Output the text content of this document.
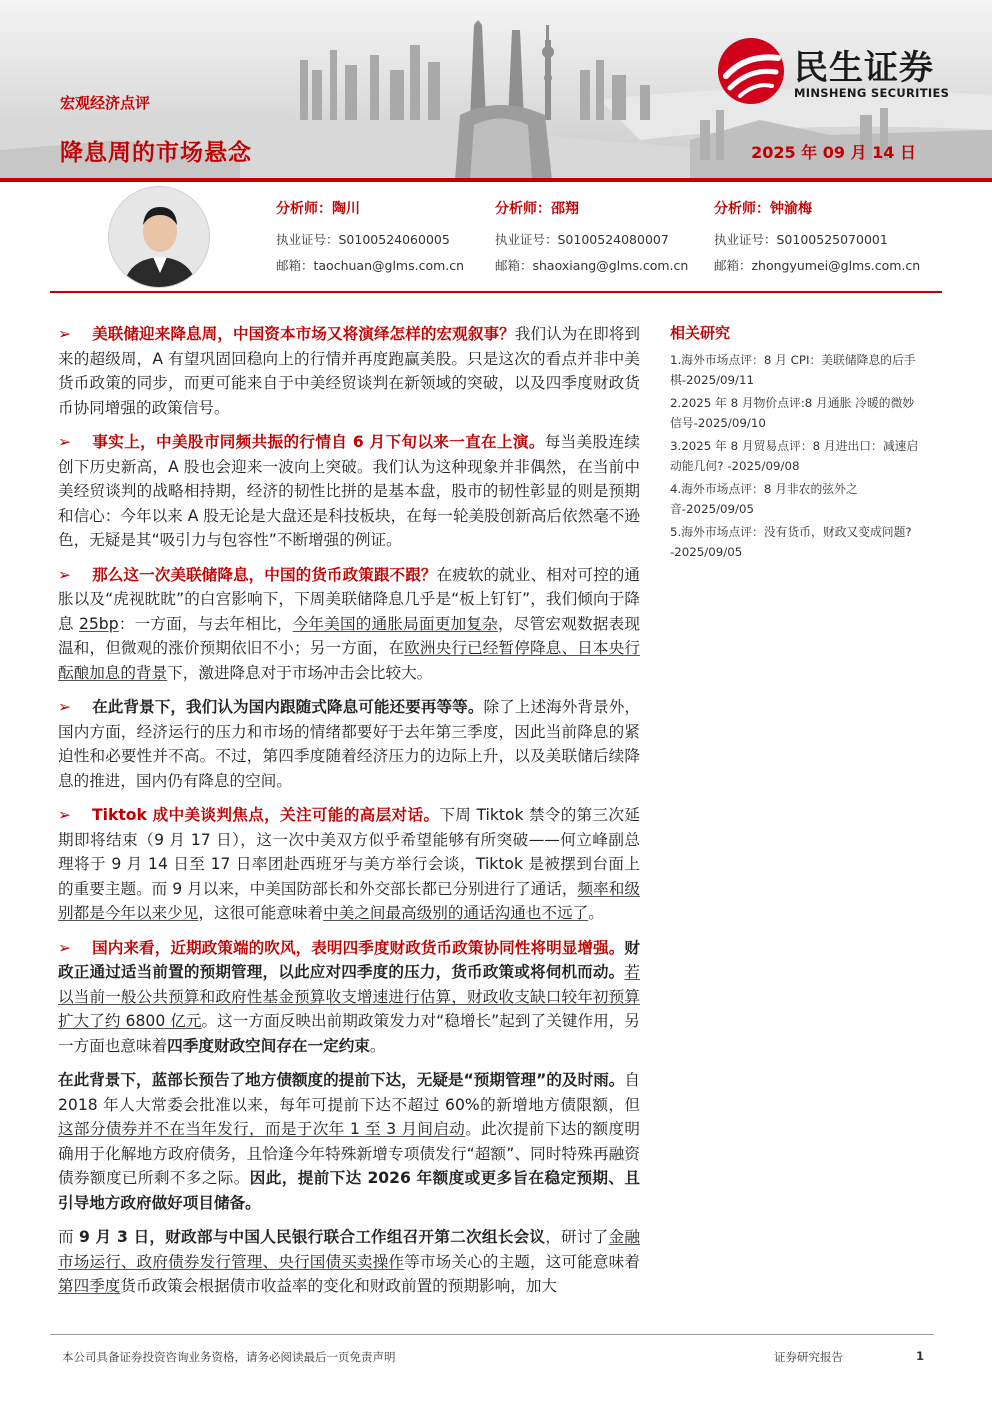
宏观经济点评
降息周的市场悬念	2025 年 09 月 14 日
民生证券
MINSHENG SECURITIES
分析师：陶川
执业证号：S0100524060005
邮箱：taochuan@glms.com.cn
分析师：邵翔
执业证号：S0100524080007
邮箱：shaoxiang@glms.com.cn
分析师：钟渝梅
执业证号：S0100525070001
邮箱：zhongyumei@glms.com.cn

➢ 美联储迎来降息周，中国资本市场又将演绎怎样的宏观叙事？我们认为在即将到来的超级周，A 有望巩固回稳向上的行情并再度跑赢美股。只是这次的看点并非中美货币政策的同步，而更可能来自于中美经贸谈判在新领域的突破，以及四季度财政货币协同增强的政策信号。

➢ 事实上，中美股市同频共振的行情自 6 月下旬以来一直在上演。每当美股连续创下历史新高，A 股也会迎来一波向上突破。我们认为这种现象并非偶然，在当前中美经贸谈判的战略相持期，经济的韧性比拼的是基本盘，股市的韧性彰显的则是预期和信心：今年以来 A 股无论是大盘还是科技板块，在每一轮美股创新高后依然毫不逊色，无疑是其“吸引力与包容性”不断增强的例证。

➢ 那么这一次美联储降息，中国的货币政策跟不跟？在疲软的就业、相对可控的通胀以及“虎视眈眈”的白宫影响下，下周美联储降息几乎是“板上钉钉”，我们倾向于降息 25bp：一方面，与去年相比，今年美国的通胀局面更加复杂，尽管宏观数据表现温和，但微观的涨价预期依旧不小；另一方面，在欧洲央行已经暂停降息、日本央行酝酿加息的背景下，激进降息对于市场冲击会比较大。

➢ 在此背景下，我们认为国内跟随式降息可能还要再等等。除了上述海外背景外，国内方面，经济运行的压力和市场的情绪都要好于去年第三季度，因此当前降息的紧迫性和必要性并不高。不过，第四季度随着经济压力的边际上升，以及美联储后续降息的推进，国内仍有降息的空间。

➢ Tiktok 成中美谈判焦点，关注可能的高层对话。下周 Tiktok 禁令的第三次延期即将结束（9 月 17 日），这一次中美双方似乎希望能够有所突破——何立峰副总理将于 9 月 14 日至 17 日率团赴西班牙与美方举行会谈，Tiktok 是被摆到台面上的重要主题。而 9 月以来，中美国防部长和外交部长都已分别进行了通话，频率和级别都是今年以来少见，这很可能意味着中美之间最高级别的通话沟通也不远了。

➢ 国内来看，近期政策端的吹风，表明四季度财政货币政策协同性将明显增强。财政正通过适当前置的预期管理，以此应对四季度的压力，货币政策或将伺机而动。若以当前一般公共预算和政府性基金预算收支增速进行估算，财政收支缺口较年初预算扩大了约 6800 亿元。这一方面反映出前期政策发力对“稳增长”起到了关键作用，另一方面也意味着四季度财政空间存在一定约束。

在此背景下，蓝部长预告了地方债额度的提前下达，无疑是“预期管理”的及时雨。自 2018 年人大常委会批准以来，每年可提前下达不超过 60%的新增地方债限额，但这部分债券并不在当年发行，而是于次年 1 至 3 月间启动。此次提前下达的额度明确用于化解地方政府债务，且恰逢今年特殊新增专项债发行“超额”、同时特殊再融资债券额度已所剩不多之际。因此，提前下达 2026 年额度或更多旨在稳定预期、且引导地方政府做好项目储备。

而 9 月 3 日，财政部与中国人民银行联合工作组召开第二次组长会议，研讨了金融市场运行、政府债券发行管理、央行国债买卖操作等市场关心的主题，这可能意味着第四季度货币政策会根据债市收益率的变化和财政前置的预期影响，加大

相关研究
1.海外市场点评：8 月 CPI：美联储降息的后手棋-2025/09/11
2.2025 年 8 月物价点评:8 月通胀 冷暖的微妙信号-2025/09/10
3.2025 年 8 月贸易点评：8 月进出口：减速启动能几何? -2025/09/08
4.海外市场点评：8 月非农的弦外之音-2025/09/05
5.海外市场点评：没有货币，财政又变成问题? -2025/09/05
本公司具备证券投资咨询业务资格，请务必阅读最后一页免责声明	证券研究报告	1
